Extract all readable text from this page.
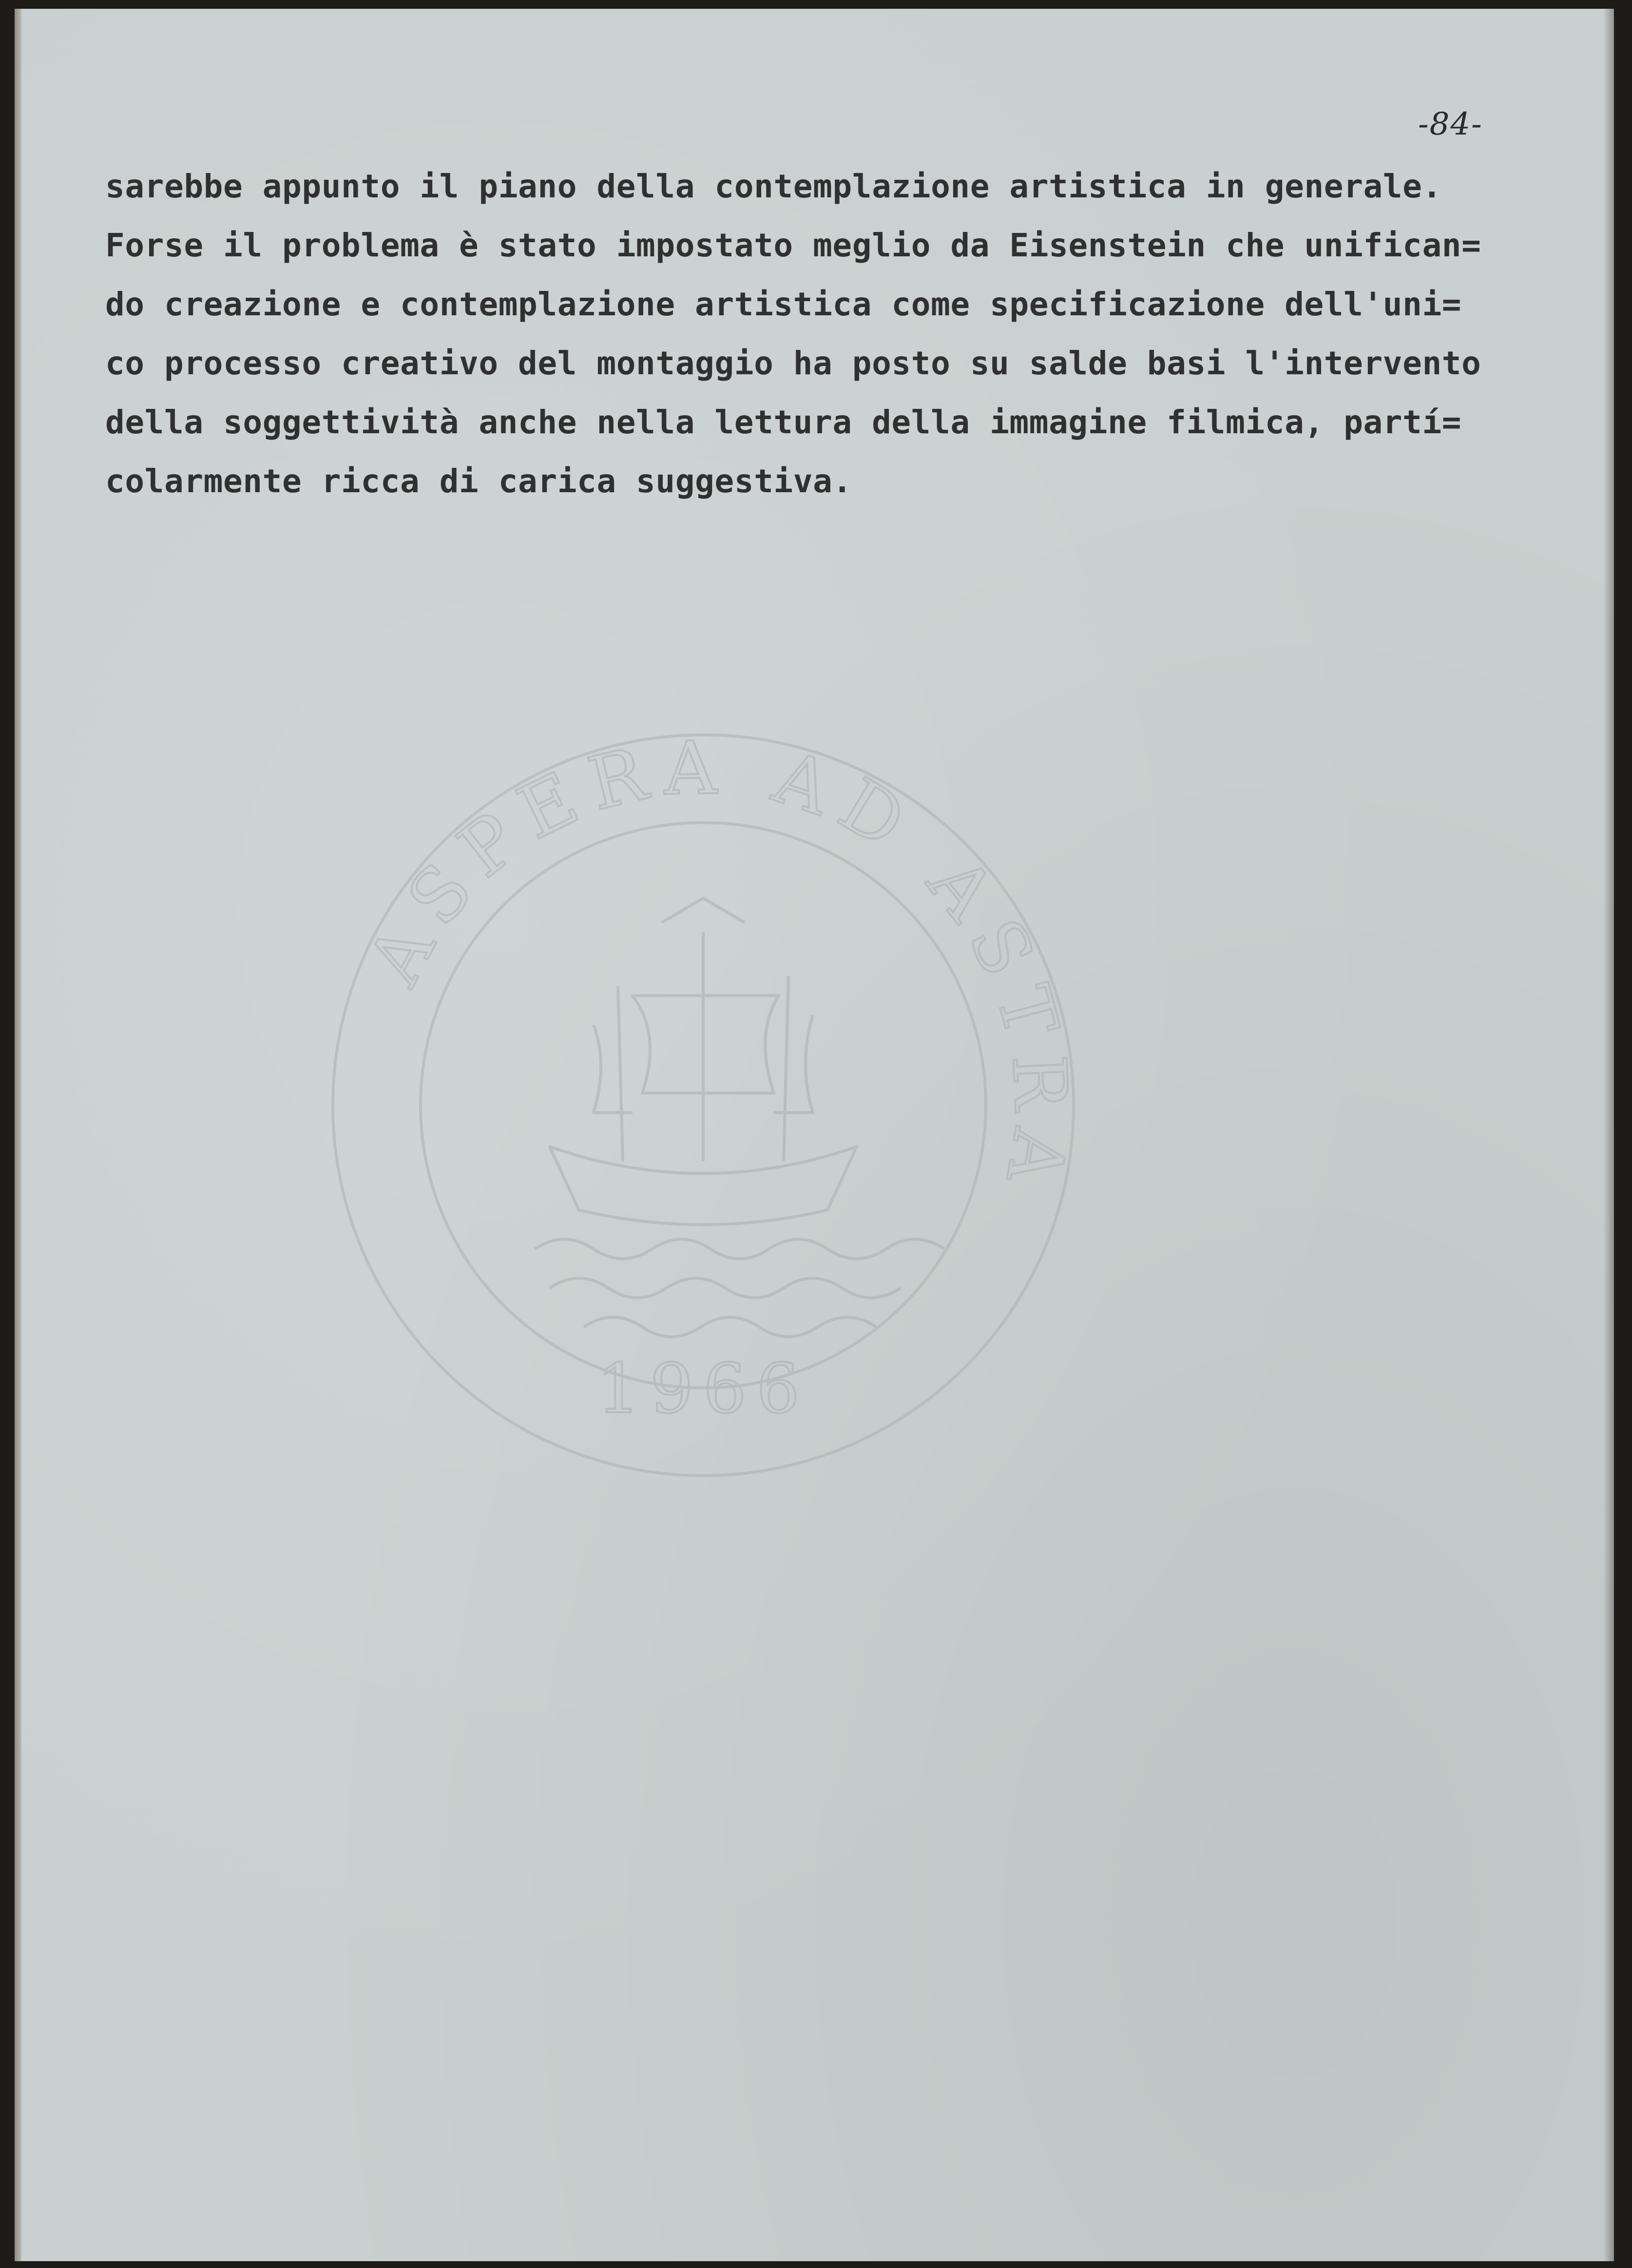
-84-
sarebbe appunto il piano della contemplazione artistica in generale.
Forse il problema è stato impostato meglio da Eisenstein che unifican=
do creazione e contemplazione artistica come specificazione dell'uni=
co processo creativo del montaggio ha posto su salde basi l'intervento
della soggettività anche nella lettura della immagine filmica, partí=
colarmente ricca di carica suggestiva.
ASPERA AD ASTRA
1966
